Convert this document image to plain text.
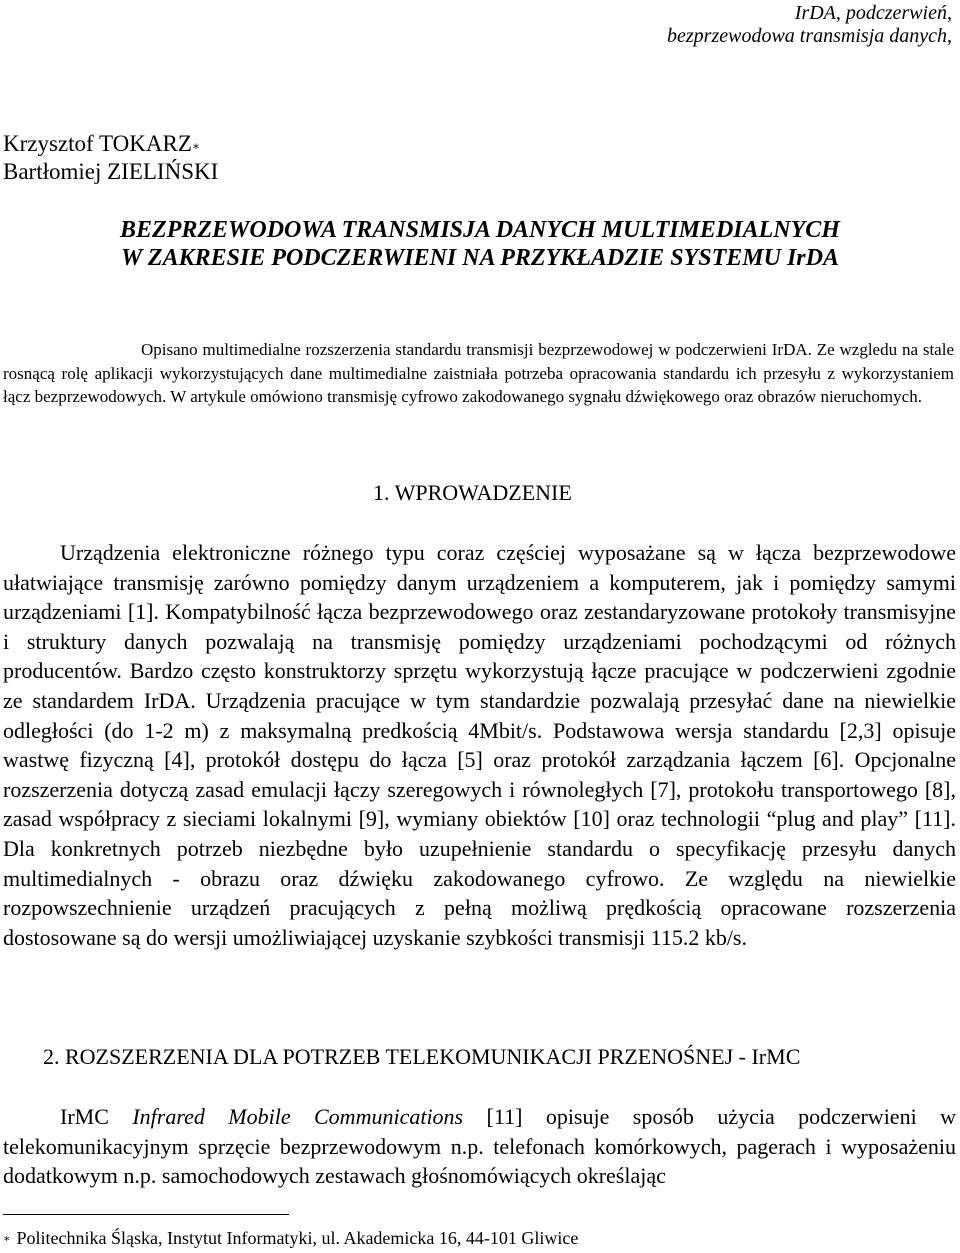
IrDA, podczerwień,
bezprzewodowa transmisja danych,
Krzysztof TOKARZ∗
Bartłomiej ZIELIŃSKI
BEZPRZEWODOWA TRANSMISJA DANYCH MULTIMEDIALNYCH
W ZAKRESIE PODCZERWIENI NA PRZYKŁADZIE SYSTEMU IrDA
Opisano multimedialne rozszerzenia standardu transmisji bezprzewodowej w podczerwieni IrDA. Ze wzgledu na stale rosnącą rolę aplikacji wykorzystujących dane multimedialne zaistniała potrzeba opracowania standardu ich przesyłu z wykorzystaniem łącz bezprzewodowych. W artykule omówiono transmisję cyfrowo zakodowanego sygnału dźwiękowego oraz obrazów nieruchomych.
1. WPROWADZENIE
Urządzenia elektroniczne różnego typu coraz częściej wyposażane są w łącza bezprzewodowe ułatwiające transmisję zarówno pomiędzy danym urządzeniem a komputerem, jak i pomiędzy samymi urządzeniami [1]. Kompatybilność łącza bezprzewodowego oraz zestandaryzowane protokoły transmisyjne i struktury danych pozwalają na transmisję pomiędzy urządzeniami pochodzącymi od różnych producentów. Bardzo często konstruktorzy sprzętu wykorzystują łącze pracujące w podczerwieni zgodnie ze standardem IrDA. Urządzenia pracujące w tym standardzie pozwalają przesyłać dane na niewielkie odległości (do 1-2 m) z maksymalną predkością 4Mbit/s. Podstawowa wersja standardu [2,3] opisuje wastwę fizyczną [4], protokół dostępu do łącza [5] oraz protokół zarządzania łączem [6]. Opcjonalne rozszerzenia dotyczą zasad emulacji łączy szeregowych i równoległych [7], protokołu transportowego [8], zasad współpracy z sieciami lokalnymi [9], wymiany obiektów [10] oraz technologii “plug and play” [11]. Dla konkretnych potrzeb niezbędne było uzupełnienie standardu o specyfikację przesyłu danych multimedialnych - obrazu oraz dźwięku zakodowanego cyfrowo. Ze względu na niewielkie rozpowszechnienie urządzeń pracujących z pełną możliwą prędkością opracowane rozszerzenia dostosowane są do wersji umożliwiającej uzyskanie szybkości transmisji 115.2 kb/s.
2. ROZSZERZENIA DLA POTRZEB TELEKOMUNIKACJI PRZENOŚNEJ - IrMC
IrMC Infrared Mobile Communications [11] opisuje sposób użycia podczerwieni w telekomunikacyjnym sprzęcie bezprzewodowym n.p. telefonach komórkowych, pagerach i wyposażeniu dodatkowym n.p. samochodowych zestawach głośnomówiących określając
∗ Politechnika Śląska, Instytut Informatyki, ul. Akademicka 16, 44-101 Gliwice
